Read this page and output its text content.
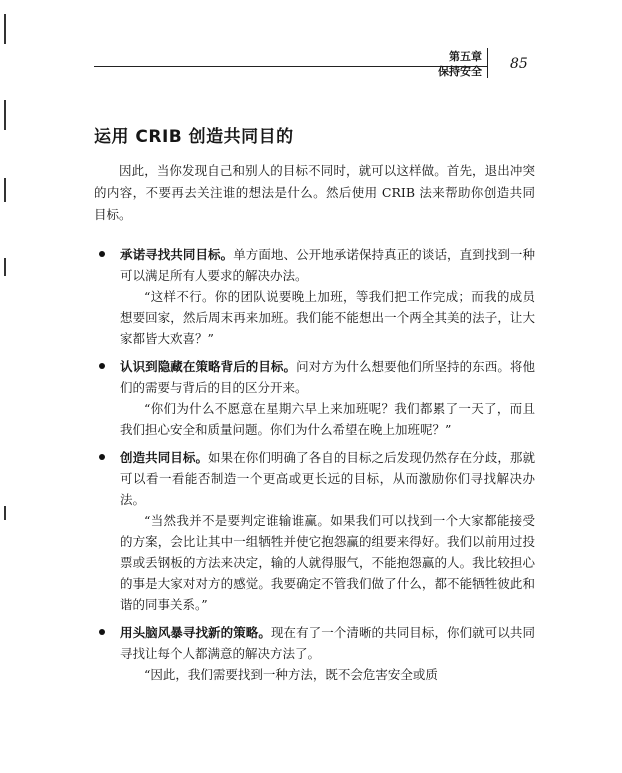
第五章
保持安全 85
运用 CRIB 创造共同目的

因此，当你发现自己和别人的目标不同时，就可以这样做。首先，退出冲突的内容，不要再去关注谁的想法是什么。然后使用 CRIB 法来帮助你创造共同目标。

承诺寻找共同目标。单方面地、公开地承诺保持真正的谈话，直到找到一种可以满足所有人要求的解决办法。

“这样不行。你的团队说要晚上加班，等我们把工作完成；而我的成员想要回家，然后周末再来加班。我们能不能想出一个两全其美的法子，让大家都皆大欢喜？”

认识到隐藏在策略背后的目标。问对方为什么想要他们所坚持的东西。将他们的需要与背后的目的区分开来。

“你们为什么不愿意在星期六早上来加班呢？我们都累了一天了，而且我们担心安全和质量问题。你们为什么希望在晚上加班呢？”

创造共同目标。如果在你们明确了各自的目标之后发现仍然存在分歧，那就可以看一看能否制造一个更高或更长远的目标，从而激励你们寻找解决办法。

“当然我并不是要判定谁输谁赢。如果我们可以找到一个大家都能接受的方案，会比让其中一组牺牲并使它抱怨赢的组要来得好。我们以前用过投票或丢钢板的方法来决定，输的人就得服气，不能抱怨赢的人。我比较担心的事是大家对对方的感觉。我要确定不管我们做了什么，都不能牺牲彼此和谐的同事关系。”

用头脑风暴寻找新的策略。现在有了一个清晰的共同目标，你们就可以共同寻找让每个人都满意的解决方法了。

“因此，我们需要找到一种方法，既不会危害安全或质
